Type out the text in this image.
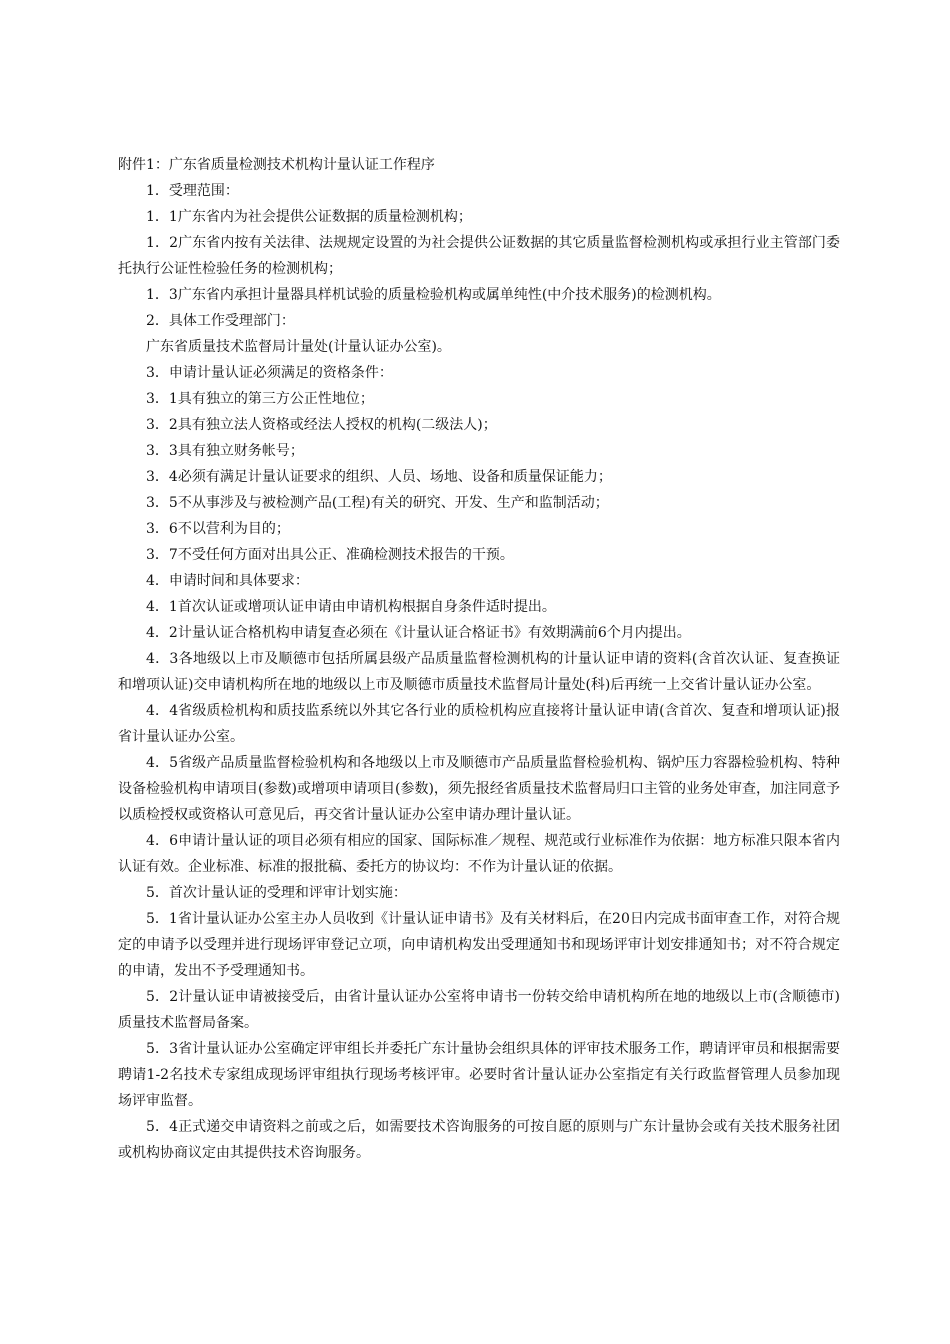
附件1：广东省质量检测技术机构计量认证工作程序

1．受理范围：

1．1广东省内为社会提供公证数据的质量检测机构；

1．2广东省内按有关法律、法规规定设置的为社会提供公证数据的其它质量监督检测机构或承担行业主管部门委托执行公证性检验任务的检测机构；

1．3广东省内承担计量器具样机试验的质量检验机构或属单纯性(中介技术服务)的检测机构。

2．具体工作受理部门：

广东省质量技术监督局计量处(计量认证办公室)。

3．申请计量认证必须满足的资格条件：

3．1具有独立的第三方公正性地位；

3．2具有独立法人资格或经法人授权的机构(二级法人)；

3．3具有独立财务帐号；

3．4必须有满足计量认证要求的组织、人员、场地、设备和质量保证能力；

3．5不从事涉及与被检测产品(工程)有关的研究、开发、生产和监制活动；

3．6不以营利为目的；

3．7不受任何方面对出具公正、准确检测技术报告的干预。

4．申请时间和具体要求：

4．1首次认证或增项认证申请由申请机构根据自身条件适时提出。

4．2计量认证合格机构申请复查必须在《计量认证合格证书》有效期满前6个月内提出。

4．3各地级以上市及顺德市包括所属县级产品质量监督检测机构的计量认证申请的资料(含首次认证、复查换证和增项认证)交申请机构所在地的地级以上市及顺德市质量技术监督局计量处(科)后再统一上交省计量认证办公室。

4．4省级质检机构和质技监系统以外其它各行业的质检机构应直接将计量认证申请(含首次、复查和增项认证)报省计量认证办公室。

4．5省级产品质量监督检验机构和各地级以上市及顺德市产品质量监督检验机构、锅炉压力容器检验机构、特种设备检验机构申请项目(参数)或增项申请项目(参数)，须先报经省质量技术监督局归口主管的业务处审查，加注同意予以质检授权或资格认可意见后，再交省计量认证办公室申请办理计量认证。

4．6申请计量认证的项目必须有相应的国家、国际标准／规程、规范或行业标准作为依据：地方标准只限本省内认证有效。企业标准、标准的报批稿、委托方的协议均：不作为计量认证的依据。

5．首次计量认证的受理和评审计划实施：

5．1省计量认证办公室主办人员收到《计量认证申请书》及有关材料后，在20日内完成书面审查工作，对符合规定的申请予以受理并进行现场评审登记立项，向申请机构发出受理通知书和现场评审计划安排通知书；对不符合规定的申请，发出不予受理通知书。

5．2计量认证申请被接受后，由省计量认证办公室将申请书一份转交给申请机构所在地的地级以上市(含顺德市)质量技术监督局备案。

5．3省计量认证办公室确定评审组长并委托广东计量协会组织具体的评审技术服务工作，聘请评审员和根据需要聘请1-2名技术专家组成现场评审组执行现场考核评审。必要时省计量认证办公室指定有关行政监督管理人员参加现场评审监督。

5．4正式递交申请资料之前或之后，如需要技术咨询服务的可按自愿的原则与广东计量协会或有关技术服务社团或机构协商议定由其提供技术咨询服务。
